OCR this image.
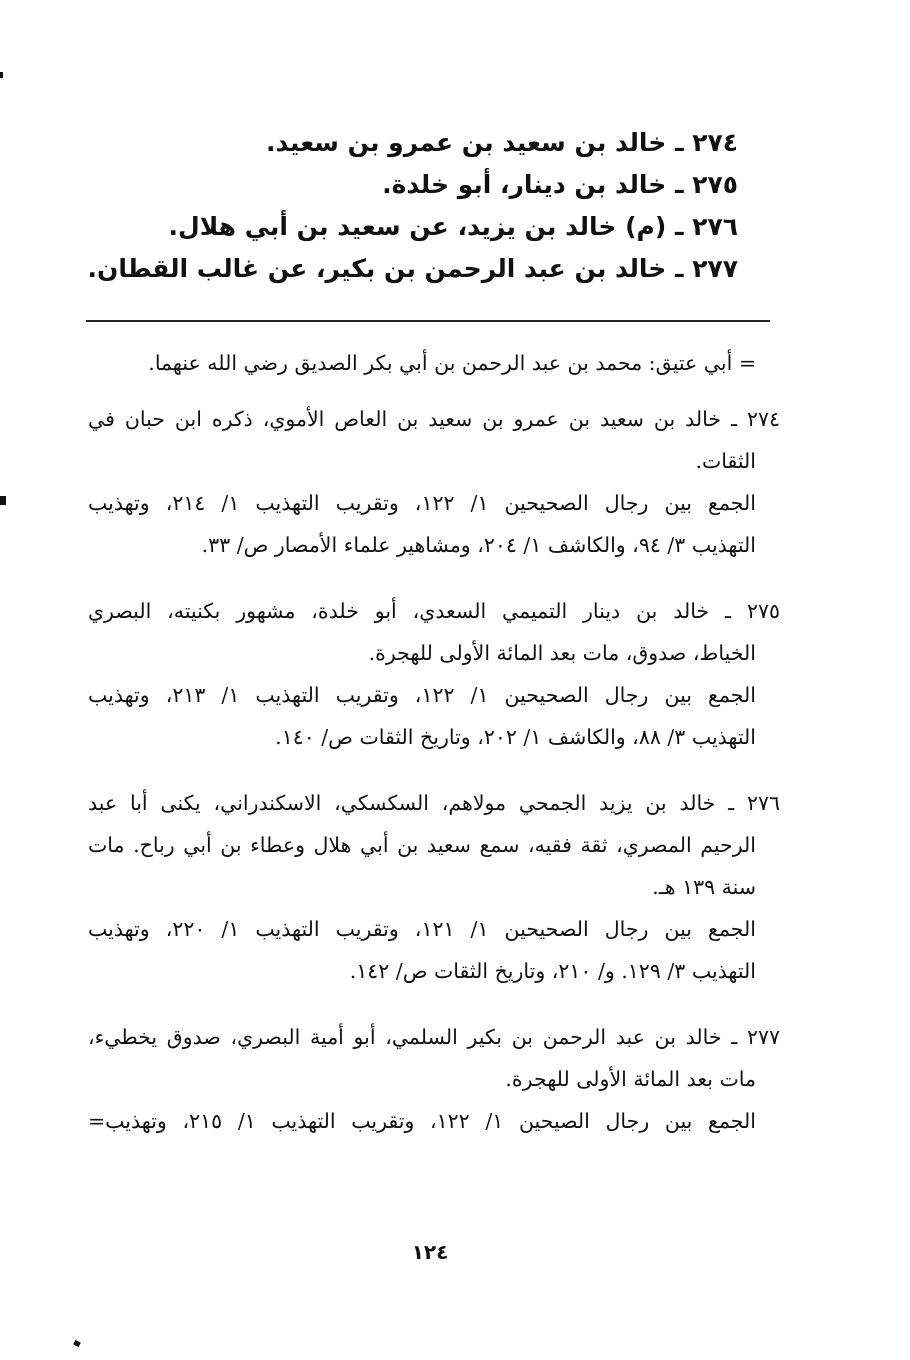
٢٧٤ ـ خالد بن سعيد بن عمرو بن سعيد.
٢٧٥ ـ خالد بن دينار، أبو خلدة.
٢٧٦ ـ (م) خالد بن يزيد، عن سعيد بن أبي هلال.
٢٧٧ ـ خالد بن عبد الرحمن بن بكير، عن غالب القطان.
= أبي عتيق: محمد بن عبد الرحمن بن أبي بكر الصديق رضي الله عنهما.
٢٧٤ ـ خالد بن سعيد بن عمرو بن سعيد بن العاص الأموي، ذكره ابن حبان في
الثقات.
الجمع بين رجال الصحيحين ١/ ١٢٢، وتقريب التهذيب ١/ ٢١٤، وتهذيب
التهذيب ٣/ ٩٤، والكاشف ١/ ٢٠٤، ومشاهير علماء الأمصار ص/ ٣٣.
٢٧٥ ـ خالد بن دينار التميمي السعدي، أبو خلدة، مشهور بكنيته، البصري
الخياط، صدوق، مات بعد المائة الأولى للهجرة.
الجمع بين رجال الصحيحين ١/ ١٢٢، وتقريب التهذيب ١/ ٢١٣، وتهذيب
التهذيب ٣/ ٨٨، والكاشف ١/ ٢٠٢، وتاريخ الثقات ص/ ١٤٠.
٢٧٦ ـ خالد بن يزيد الجمحي مولاهم، السكسكي، الاسكندراني، يكنى أبا عبد
الرحيم المصري، ثقة فقيه، سمع سعيد بن أبي هلال وعطاء بن أبي رباح. مات
سنة ١٣٩ هـ.
الجمع بين رجال الصحيحين ١/ ١٢١، وتقريب التهذيب ١/ ٢٢٠، وتهذيب
التهذيب ٣/ ١٢٩. و/ ٢١٠، وتاريخ الثقات ص/ ١٤٢.
٢٧٧ ـ خالد بن عبد الرحمن بن بكير السلمي، أبو أمية البصري، صدوق يخطيء،
مات بعد المائة الأولى للهجرة.
الجمع بين رجال الصيحين ١/ ١٢٢، وتقريب التهذيب ١/ ٢١٥، وتهذيب=
١٢٤
